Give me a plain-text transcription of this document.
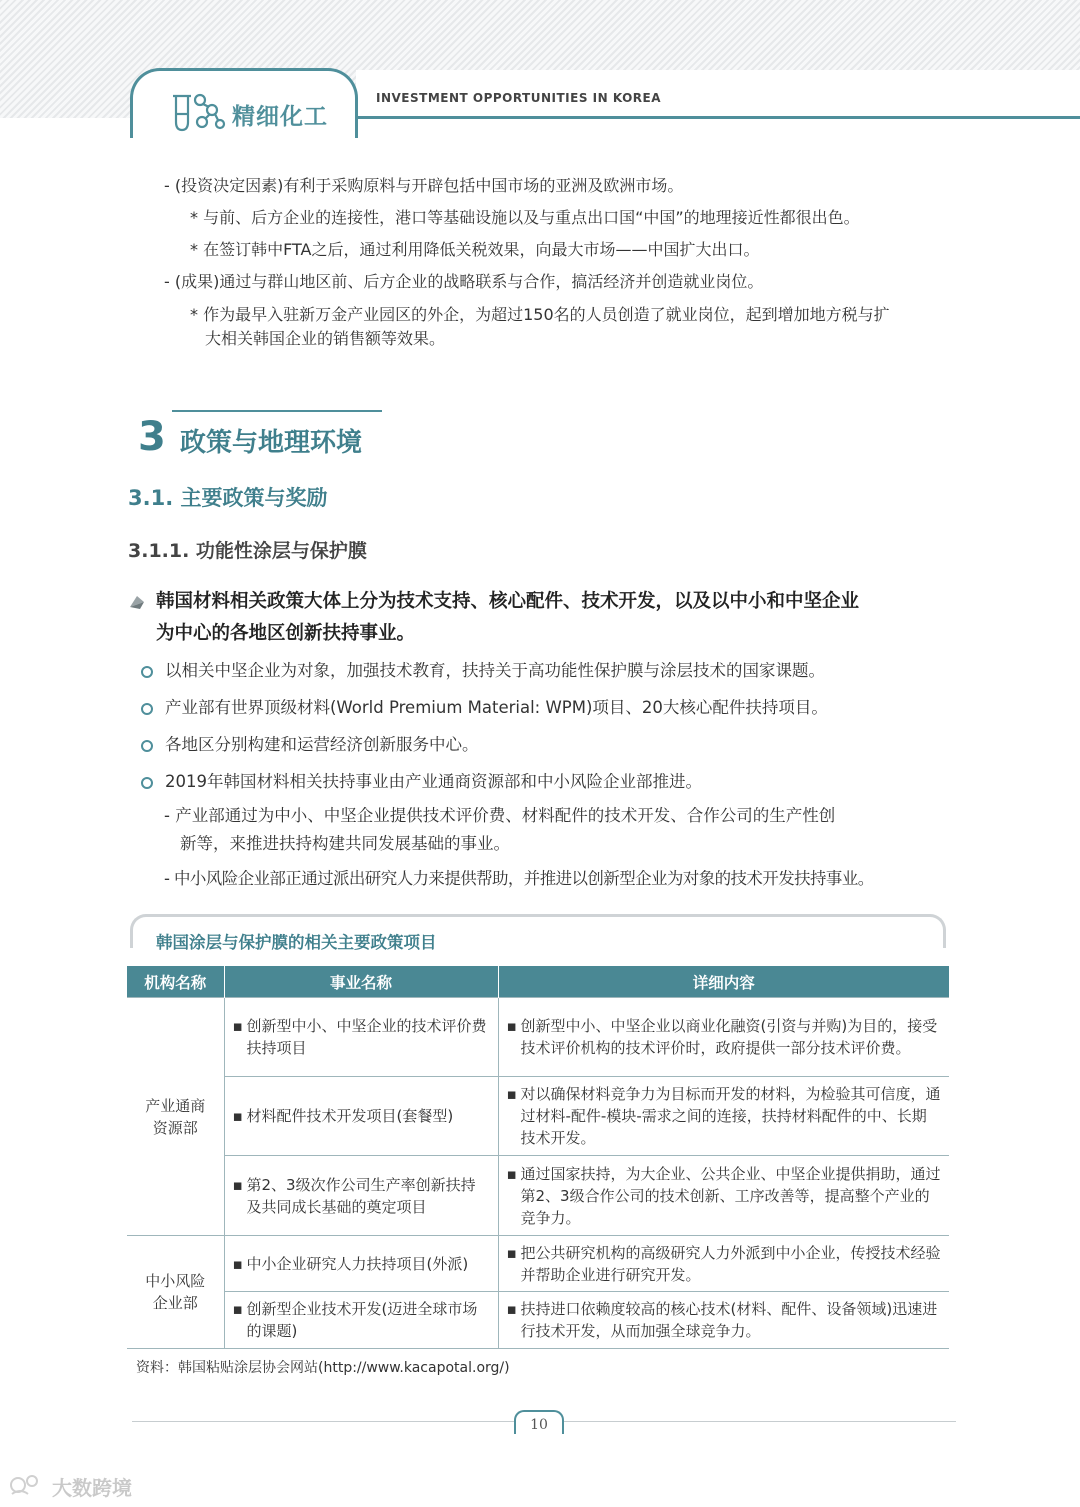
精细化工
INVESTMENT OPPORTUNITIES IN KOREA
- (投资决定因素)有利于采购原料与开辟包括中国市场的亚洲及欧洲市场。
* 与前、后方企业的连接性，港口等基础设施以及与重点出口国“中国”的地理接近性都很出色。
* 在签订韩中FTA之后，通过利用降低关税效果，向最大市场——中国扩大出口。
- (成果)通过与群山地区前、后方企业的战略联系与合作，搞活经济并创造就业岗位。
* 作为最早入驻新万金产业园区的外企，为超过150名的人员创造了就业岗位，起到增加地方税与扩
大相关韩国企业的销售额等效果。
3 政策与地理环境
3.1. 主要政策与奖励
3.1.1. 功能性涂层与保护膜
韩国材料相关政策大体上分为技术支持、核心配件、技术开发，以及以中小和中坚企业
为中心的各地区创新扶持事业。
以相关中坚企业为对象，加强技术教育，扶持关于高功能性保护膜与涂层技术的国家课题。
产业部有世界顶级材料(World Premium Material: WPM)项目、20大核心配件扶持项目。
各地区分别构建和运营经济创新服务中心。
2019年韩国材料相关扶持事业由产业通商资源部和中小风险企业部推进。
- 产业部通过为中小、中坚企业提供技术评价费、材料配件的技术开发、合作公司的生产性创
新等，来推进扶持构建共同发展基础的事业。
- 中小风险企业部正通过派出研究人力来提供帮助，并推进以创新型企业为对象的技术开发扶持事业。
韩国涂层与保护膜的相关主要政策项目
机构名称	事业名称	详细内容
产业通商
资源部	▪ 创新型中小、中坚企业的技术评价费扶持项目	▪ 创新型中小、中坚企业以商业化融资(引资与并购)为目的，接受技术评价机构的技术评价时，政府提供一部分技术评价费。

	▪ 材料配件技术开发项目(套餐型)	▪ 对以确保材料竞争力为目标而开发的材料，为检验其可信度，通过材料-配件-模块-需求之间的连接，扶持材料配件的中、长期技术开发。

	▪ 第2、3级次作公司生产率创新扶持及共同成长基础的奠定项目	▪ 通过国家扶持，为大企业、公共企业、中坚企业提供捐助，通过第2、3级合作公司的技术创新、工序改善等，提高整个产业的竞争力。

中小风险
企业部	▪ 中小企业研究人力扶持项目(外派)	▪ 把公共研究机构的高级研究人力外派到中小企业，传授技术经验并帮助企业进行研究开发。

	▪ 创新型企业技术开发(迈进全球市场的课题)	▪ 扶持进口依赖度较高的核心技术(材料、配件、设备领域)迅速进行技术开发，从而加强全球竞争力。
资料：韩国粘贴涂层协会网站(http://www.kacapotal.org/)
10
大数跨境
